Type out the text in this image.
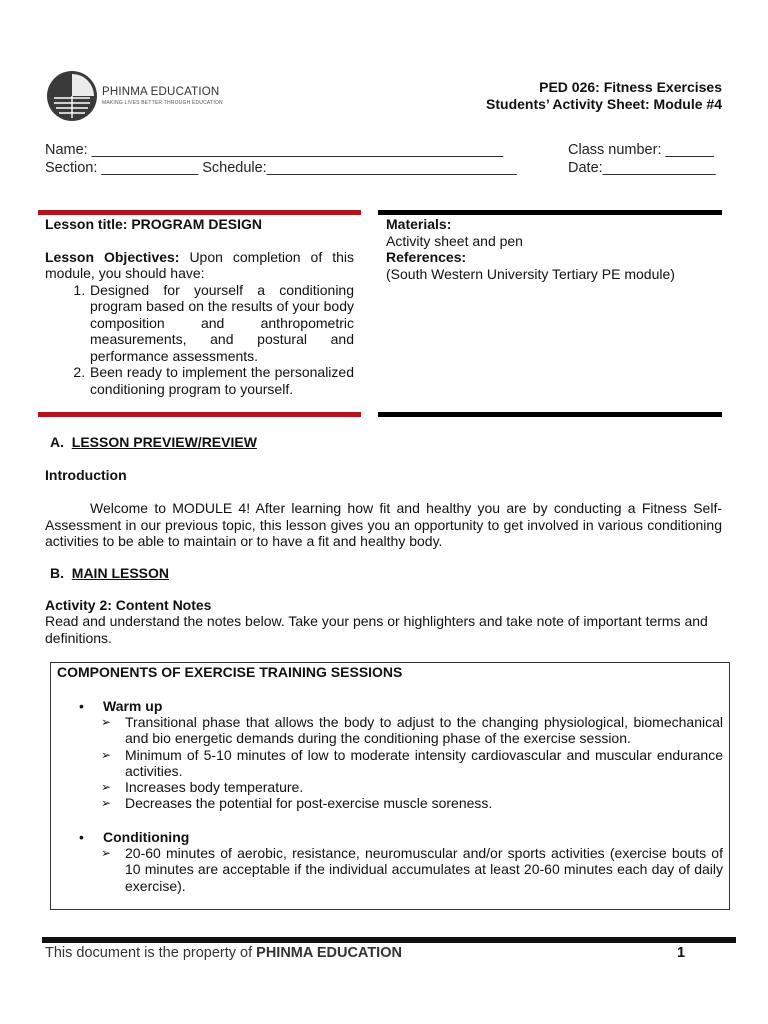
PHINMA EDUCATION
MAKING LIVES BETTER THROUGH EDUCATION
PED 026: Fitness Exercises
Students’ Activity Sheet: Module #4
Name: ___________________________________________________	Class number: ______
Section: ____________ Schedule:_______________________________	Date:______________
Lesson title: PROGRAM DESIGN
Lesson Objectives: Upon completion of this module, you should have:
1. Designed for yourself a conditioning program based on the results of your body composition and anthropometric measurements, and postural and performance assessments.
2. Been ready to implement the personalized conditioning program to yourself.
Materials:
Activity sheet and pen
References:
(South Western University Tertiary PE module)
A. LESSON PREVIEW/REVIEW
Introduction
Welcome to MODULE 4! After learning how fit and healthy you are by conducting a Fitness Self-Assessment in our previous topic, this lesson gives you an opportunity to get involved in various conditioning activities to be able to maintain or to have a fit and healthy body.
B. MAIN LESSON
Activity 2: Content Notes
Read and understand the notes below. Take your pens or highlighters and take note of important terms and definitions.
COMPONENTS OF EXERCISE TRAINING SESSIONS
• Warm up
➢ Transitional phase that allows the body to adjust to the changing physiological, biomechanical and bio energetic demands during the conditioning phase of the exercise session.
➢ Minimum of 5-10 minutes of low to moderate intensity cardiovascular and muscular endurance activities.
➢ Increases body temperature.
➢ Decreases the potential for post-exercise muscle soreness.
• Conditioning
➢ 20-60 minutes of aerobic, resistance, neuromuscular and/or sports activities (exercise bouts of 10 minutes are acceptable if the individual accumulates at least 20-60 minutes each day of daily exercise).
This document is the property of PHINMA EDUCATION	1
